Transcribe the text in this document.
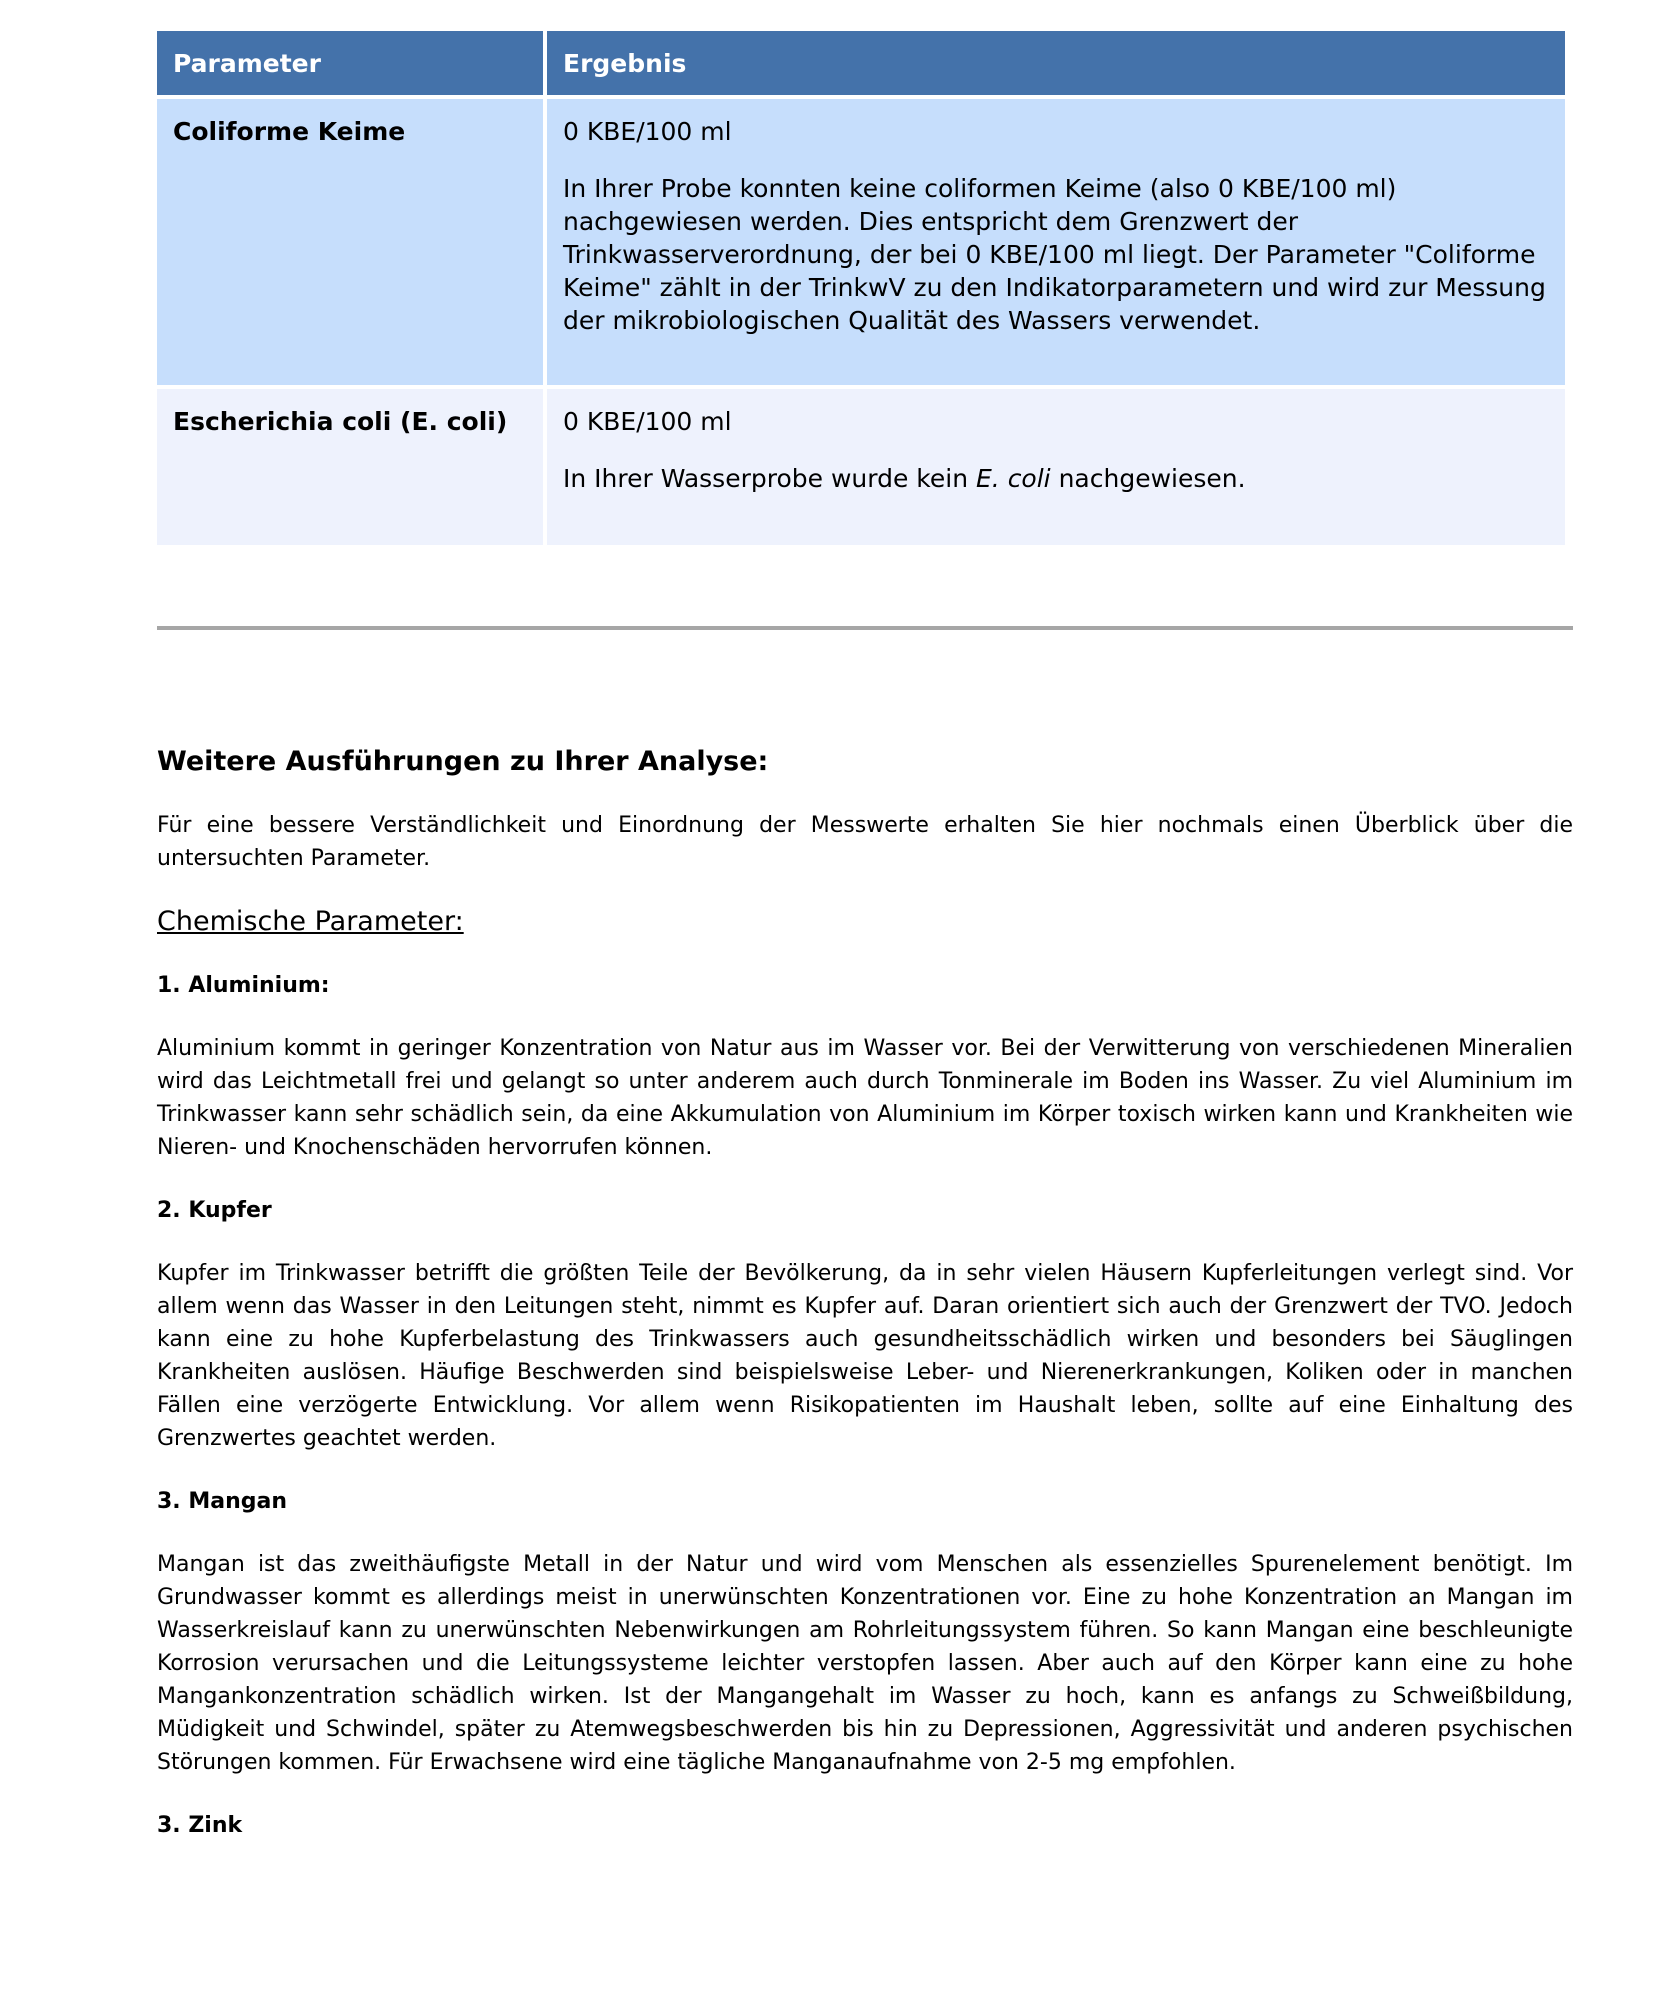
Parameter	Ergebnis
Coliforme Keime	0 KBE/100 ml
In Ihrer Probe konnten keine coliformen Keime (also 0 KBE/100 ml) nachgewiesen werden. Dies entspricht dem Grenzwert der Trinkwasserverordnung, der bei 0 KBE/100 ml liegt. Der Parameter "Coliforme Keime" zählt in der TrinkwV zu den Indikatorparametern und wird zur Messung der mikrobiologischen Qualität des Wassers verwendet.

Escherichia coli (E. coli)	0 KBE/100 ml
In Ihrer Wasserprobe wurde kein E. coli nachgewiesen.
Weitere Ausführungen zu Ihrer Analyse:

Für eine bessere Verständlichkeit und Einordnung der Messwerte erhalten Sie hier nochmals einen Überblick über die untersuchten Parameter.

Chemische Parameter:
1. Aluminium:

Aluminium kommt in geringer Konzentration von Natur aus im Wasser vor. Bei der Verwitterung von verschiedenen Mineralien wird das Leichtmetall frei und gelangt so unter anderem auch durch Tonminerale im Boden ins Wasser. Zu viel Aluminium im Trinkwasser kann sehr schädlich sein, da eine Akkumulation von Aluminium im Körper toxisch wirken kann und Krankheiten wie Nieren- und Knochenschäden hervorrufen können.

2. Kupfer

Kupfer im Trinkwasser betrifft die größten Teile der Bevölkerung, da in sehr vielen Häusern Kupferleitungen verlegt sind. Vor allem wenn das Wasser in den Leitungen steht, nimmt es Kupfer auf. Daran orientiert sich auch der Grenzwert der TVO. Jedoch kann eine zu hohe Kupferbelastung des Trinkwassers auch gesundheitsschädlich wirken und besonders bei Säuglingen Krankheiten auslösen. Häufige Beschwerden sind beispielsweise Leber- und Nierenerkrankungen, Koliken oder in manchen Fällen eine verzögerte Entwicklung. Vor allem wenn Risikopatienten im Haushalt leben, sollte auf eine Einhaltung des Grenzwertes geachtet werden.

3. Mangan

Mangan ist das zweithäufigste Metall in der Natur und wird vom Menschen als essenzielles Spurenelement benötigt. Im Grundwasser kommt es allerdings meist in unerwünschten Konzentrationen vor. Eine zu hohe Konzentration an Mangan im Wasserkreislauf kann zu unerwünschten Nebenwirkungen am Rohrleitungssystem führen. So kann Mangan eine beschleunigte Korrosion verursachen und die Leitungssysteme leichter verstopfen lassen. Aber auch auf den Körper kann eine zu hohe Mangankonzentration schädlich wirken. Ist der Mangangehalt im Wasser zu hoch, kann es anfangs zu Schweißbildung, Müdigkeit und Schwindel, später zu Atemwegsbeschwerden bis hin zu Depressionen, Aggressivität und anderen psychischen Störungen kommen. Für Erwachsene wird eine tägliche Manganaufnahme von 2-5 mg empfohlen.

3. Zink
